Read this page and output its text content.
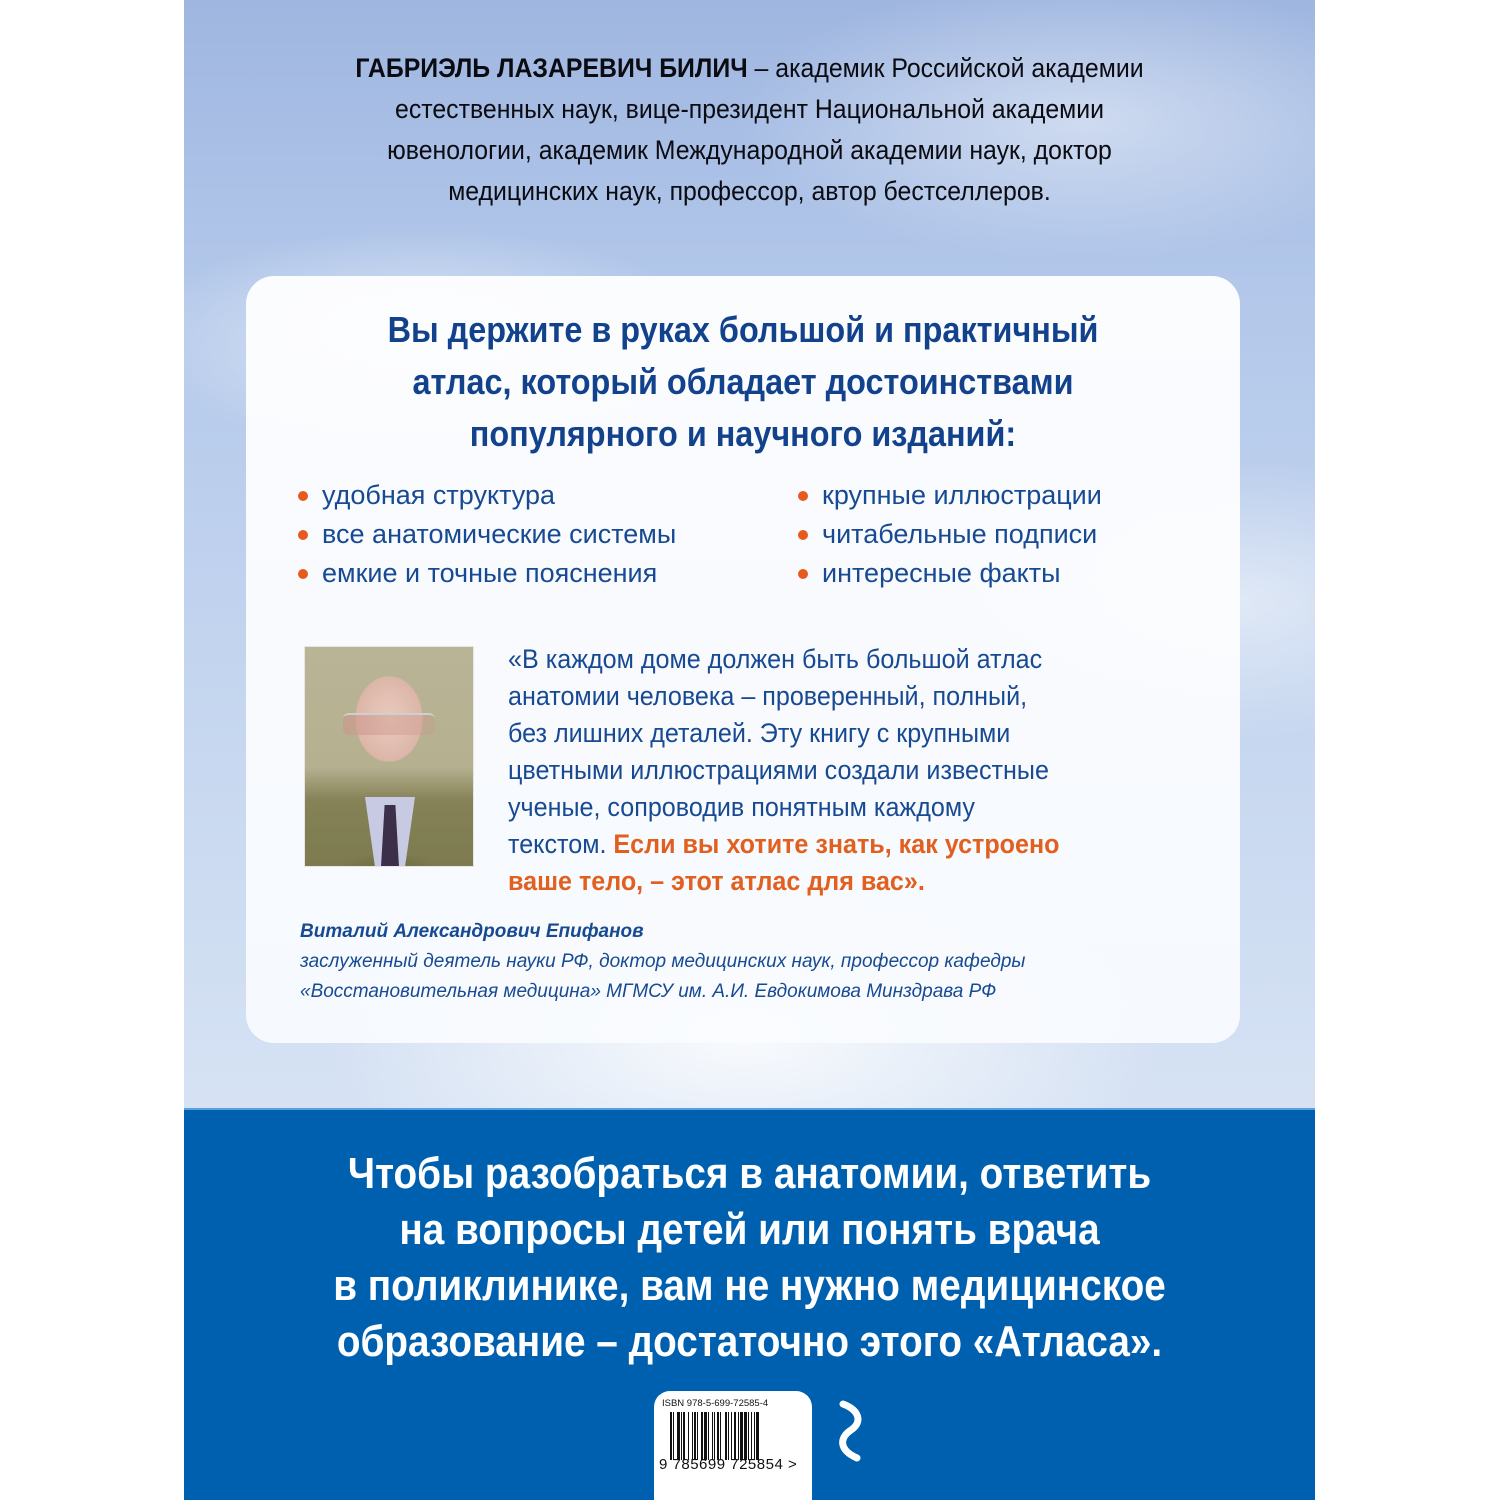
ГАБРИЭЛЬ ЛАЗАРЕВИЧ БИЛИЧ – академик Российской академии
естественных наук, вице-президент Национальной академии
ювенологии, академик Международной академии наук, доктор
медицинских наук, профессор, автор бестселлеров.
Вы держите в руках большой и практичный
атлас, который обладает достоинствами
популярного и научного изданий:
удобная структура	крупные иллюстрации
все анатомические системы	читабельные подписи
емкие и точные пояснения	интересные факты
«В каждом доме должен быть большой атлас
анатомии человека – проверенный, полный,
без лишних деталей. Эту книгу с крупными
цветными иллюстрациями создали известные
ученые, сопроводив понятным каждому
текстом. Если вы хотите знать, как устроено
ваше тело, – этот атлас для вас».
Виталий Александрович Епифанов
заслуженный деятель науки РФ, доктор медицинских наук, профессор кафедры
«Восстановительная медицина» МГМСУ им. А.И. Евдокимова Минздрава РФ
Чтобы разобраться в анатомии, ответить
на вопросы детей или понять врача
в поликлинике, вам не нужно медицинское
образование – достаточно этого «Атласа».
ISBN 978-5-699-72585-4
9 785699 725854 >
